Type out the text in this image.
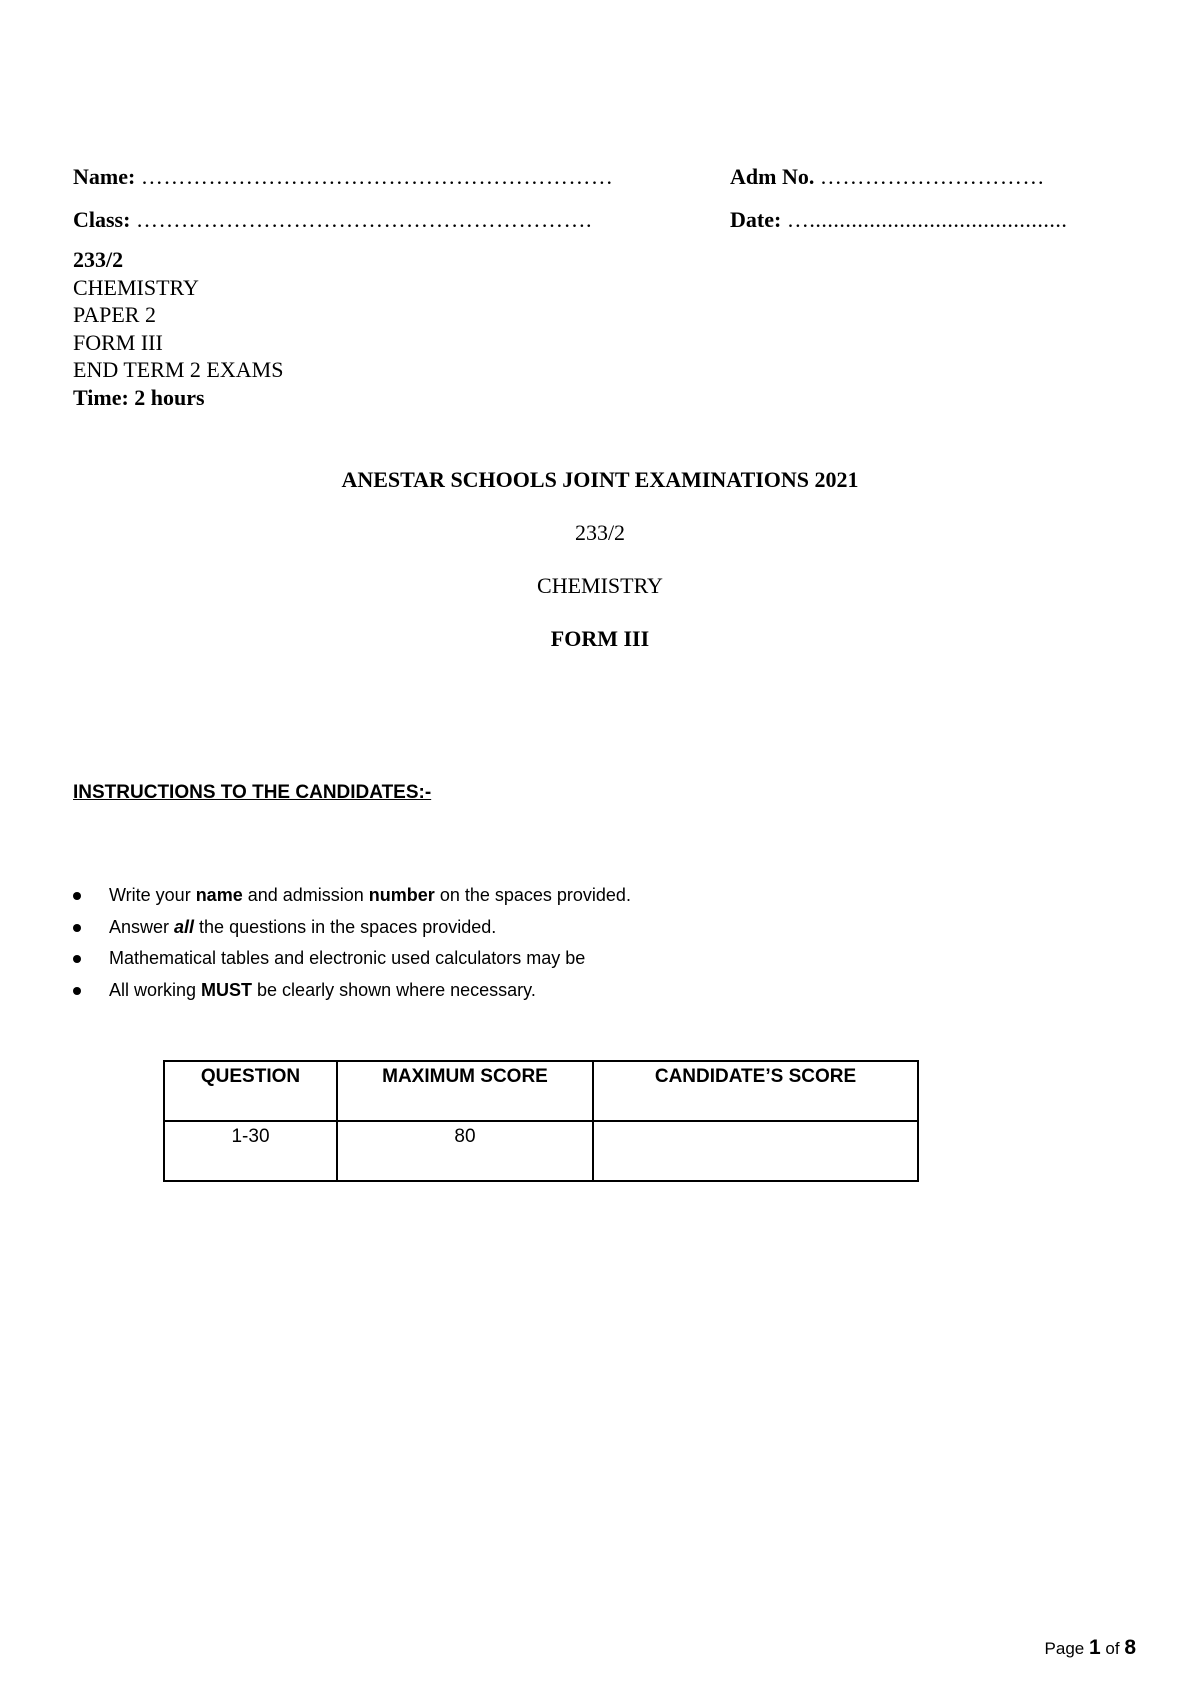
Name: ………………………………………………………	Adm No. …………………………
Class: …………………………………………………….	Date: …...........................................
233/2
CHEMISTRY
PAPER 2
FORM III
END TERM 2 EXAMS
Time: 2 hours
ANESTAR SCHOOLS JOINT EXAMINATIONS 2021
233/2
CHEMISTRY
FORM III
INSTRUCTIONS TO THE CANDIDATES:-
Write your name and admission number on the spaces provided.
Answer all the questions in the spaces provided.
Mathematical tables and electronic used calculators may be
All working MUST be clearly shown where necessary.
QUESTION	MAXIMUM SCORE	CANDIDATE’S SCORE
1-30	80	
Page 1 of 8
